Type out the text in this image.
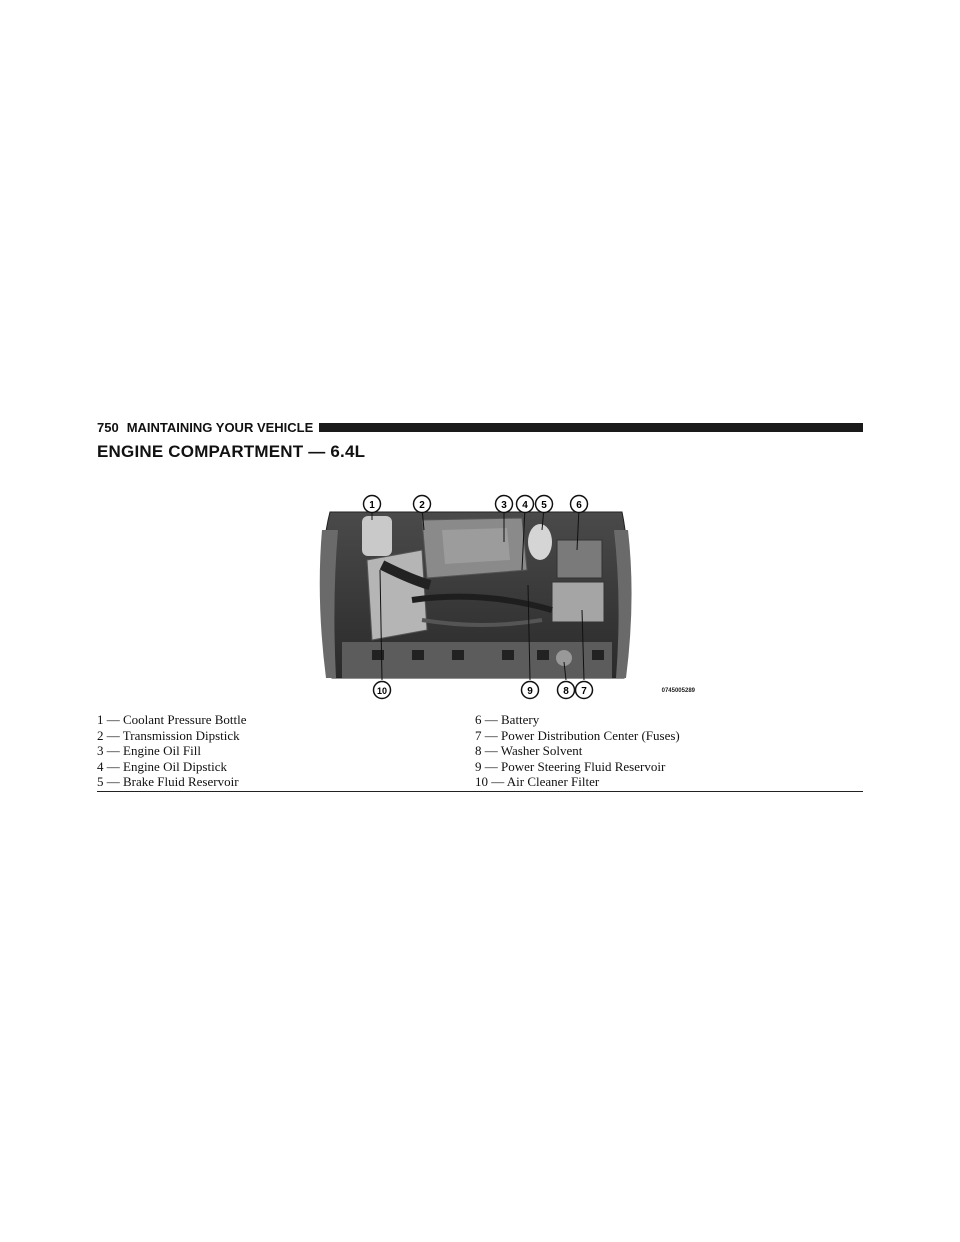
750 MAINTAINING YOUR VEHICLE
ENGINE COMPARTMENT — 6.4L
1	2	3 4 5	6
7
8
9
10	0745005289
1 — Coolant Pressure Bottle	6 — Battery
2 — Transmission Dipstick	7 — Power Distribution Center (Fuses)
3 — Engine Oil Fill	8 — Washer Solvent
4 — Engine Oil Dipstick	9 — Power Steering Fluid Reservoir
5 — Brake Fluid Reservoir	10 — Air Cleaner Filter
